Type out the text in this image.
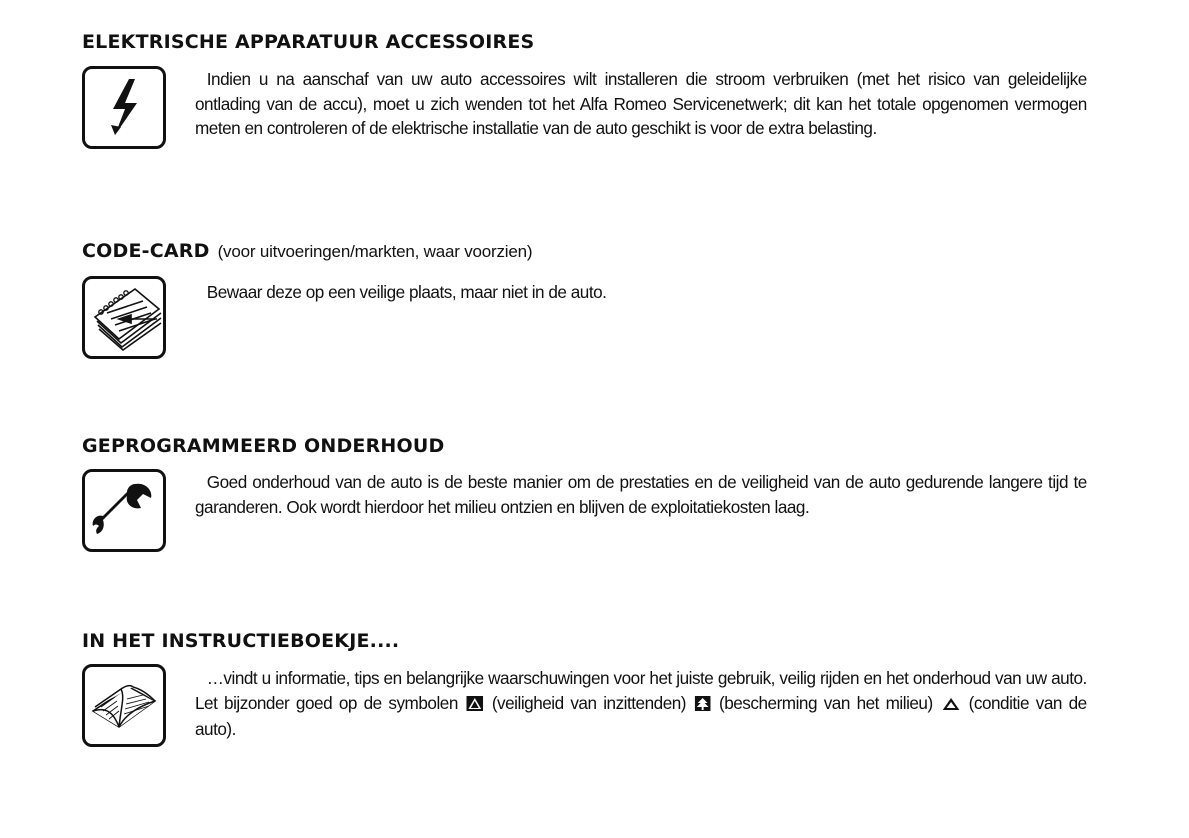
ELEKTRISCHE APPARATUUR ACCESSOIRES
Indien u na aanschaf van uw auto accessoires wilt installeren die stroom verbruiken (met het risico van geleidelijke ontlading van de accu), moet u zich wenden tot het Alfa Romeo Servicenetwerk; dit kan het totale opgenomen vermogen meten en controleren of de elektrische installatie van de auto geschikt is voor de extra belasting.
CODE-CARD (voor uitvoeringen/markten, waar voorzien)
Bewaar deze op een veilige plaats, maar niet in de auto.
GEPROGRAMMEERD ONDERHOUD
Goed onderhoud van de auto is de beste manier om de prestaties en de veiligheid van de auto gedurende langere tijd te garanderen. Ook wordt hierdoor het milieu ontzien en blijven de exploitatiekosten laag.
IN HET INSTRUCTIEBOEKJE....
…vindt u informatie, tips en belangrijke waarschuwingen voor het juiste gebruik, veilig rijden en het onderhoud van uw auto. Let bijzonder goed op de symbolen (veiligheid van inzittenden) (bescherming van het milieu) (conditie van de auto).
